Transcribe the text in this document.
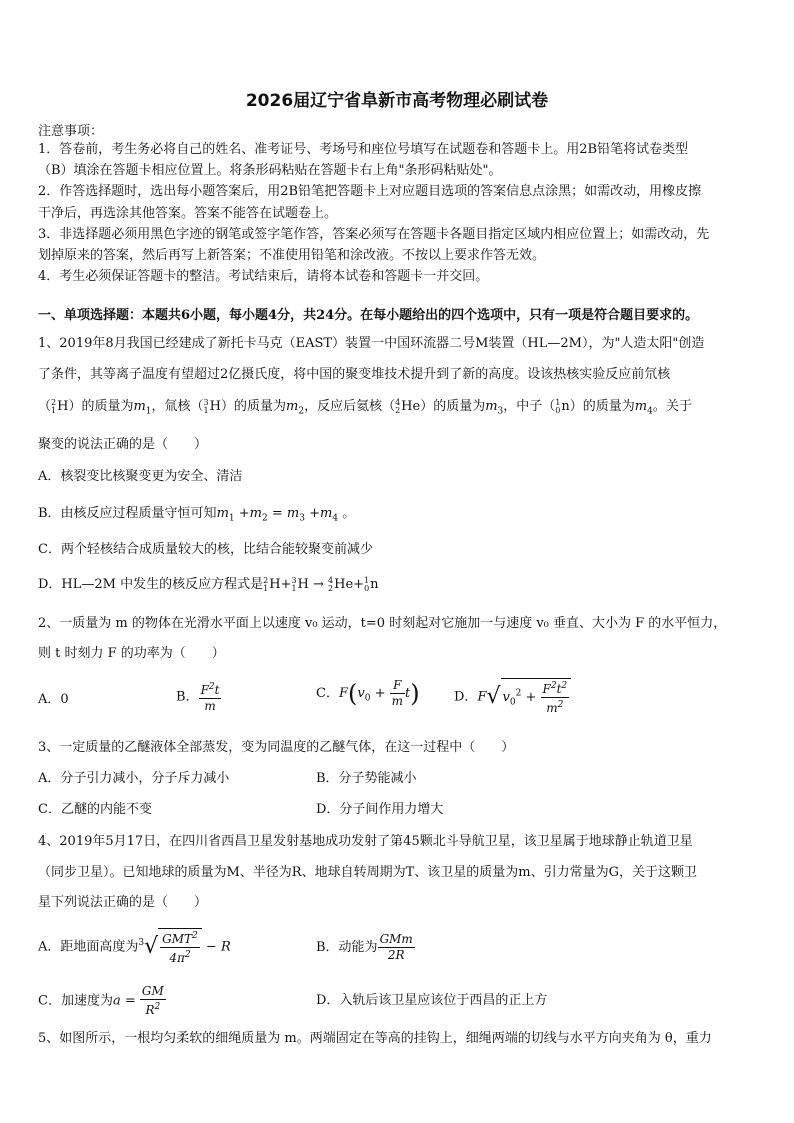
2026届辽宁省阜新市高考物理必刷试卷
注意事项：
1．答卷前，考生务必将自己的姓名、准考证号、考场号和座位号填写在试题卷和答题卡上。用2B铅笔将试卷类型
（B）填涂在答题卡相应位置上。将条形码粘贴在答题卡右上角"条形码粘贴处"。
2．作答选择题时，选出每小题答案后，用2B铅笔把答题卡上对应题目选项的答案信息点涂黑；如需改动，用橡皮擦
干净后，再选涂其他答案。答案不能答在试题卷上。
3．非选择题必须用黑色字迹的钢笔或签字笔作答，答案必须写在答题卡各题目指定区域内相应位置上；如需改动，先
划掉原来的答案，然后再写上新答案；不准使用铅笔和涂改液。不按以上要求作答无效。
4．考生必须保证答题卡的整洁。考试结束后，请将本试卷和答题卡一并交回。
一、单项选择题：本题共6小题，每小题4分，共24分。在每小题给出的四个选项中，只有一项是符合题目要求的。
1、2019年8月我国已经建成了新托卡马克（EAST）装置一中国环流器二号M装置（HL—2M），为"人造太阳"创造
了条件，其等离子温度有望超过2亿摄氏度，将中国的聚变堆技术提升到了新的高度。设该热核实验反应前氘核
（ 2
1 H）的质量为$m_1$，氚核（ 3
1 H）的质量为$m_2$，反应后氦核（ 4
2 He）的质量为$m_3$，中子（ 1
0 n）的质量为$m_4$。关于
聚变的说法正确的是（　　）
A．核裂变比核聚变更为安全、清洁
B．由核反应过程质量守恒可知$m_1 +m_2 = m_3 +m_4$ 。
C．两个轻核结合成质量较大的核，比结合能较聚变前减少
D．HL—2M 中发生的核反应方程式是 2
1 H+ 3
1 H → 4
2 He+ 1
0 n
2、一质量为 m 的物体在光滑水平面上以速度 v₀ 运动，t=0 时刻起对它施加一与速度 v₀ 垂直、大小为 F 的水平恒力，
则 t 时刻力 F 的功率为（　　）
A．0	B． $\frac{F^2t}{m}$	C．$F(v_0 + \frac{F}{m} t)$	D．F√ $v_0^2 + \frac{F^2t^2}{m^2}$
3、一定质量的乙醚液体全部蒸发，变为同温度的乙醚气体，在这一过程中（　　）
A．分子引力减小，分子斥力减小	B．分子势能减小
C．乙醚的内能不变	D．分子间作用力增大
4、2019年5月17日，在四川省西昌卫星发射基地成功发射了第45颗北斗导航卫星，该卫星属于地球静止轨道卫星
（同步卫星）。已知地球的质量为M、半径为R、地球自转周期为T、该卫星的质量为m、引力常量为G，关于这颗卫
星下列说法正确的是（　　）
A．距地面高度为$^3√ \frac{GMT^2}{4\pi^2} - R$	B．动能为 $\frac{\text{GMm}}{2R}$
C．加速度为$a = \frac{GM}{R^2}$	D．入轨后该卫星应该位于西昌的正上方
5、如图所示，一根均匀柔软的细绳质量为 m。两端固定在等高的挂钩上，细绳两端的切线与水平方向夹角为 θ，重力
